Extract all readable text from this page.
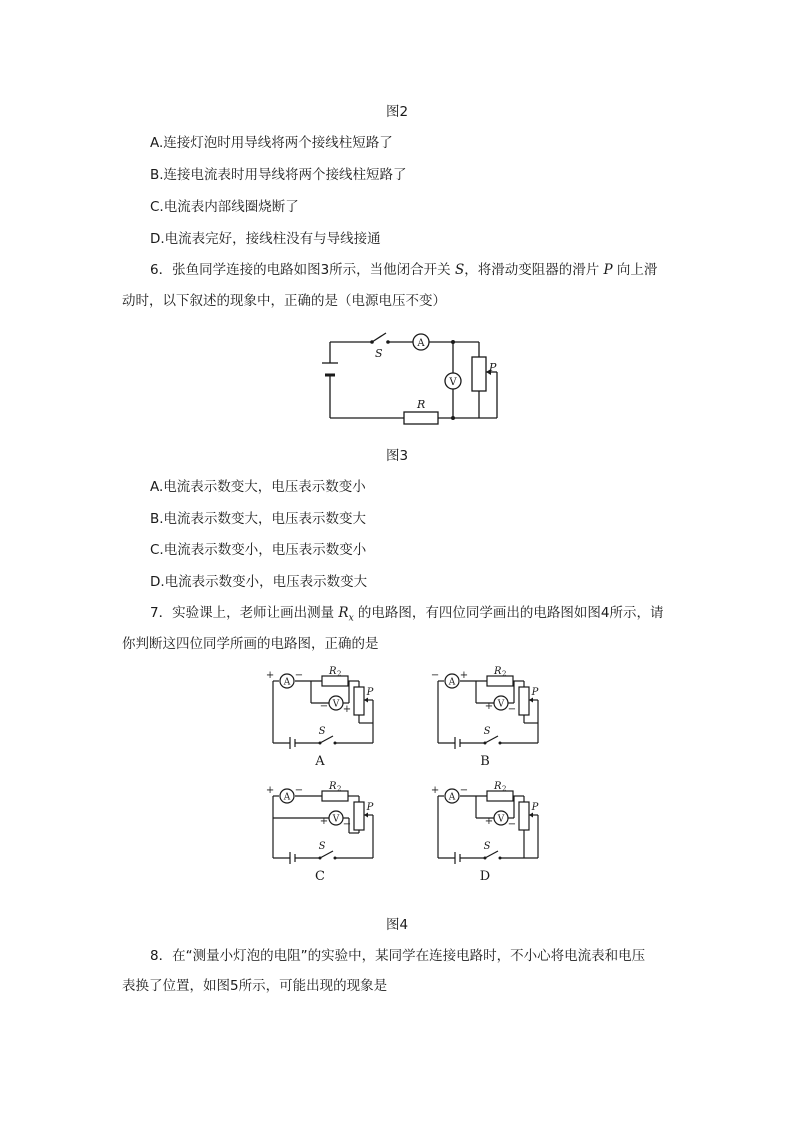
图2
A.连接灯泡时用导线将两个接线柱短路了
B.连接电流表时用导线将两个接线柱短路了
C.电流表内部线圈烧断了
D.电流表完好，接线柱没有与导线接通
6．张鱼同学连接的电路如图3所示，当他闭合开关 S，将滑动变阻器的滑片 P 向上滑
动时，以下叙述的现象中，正确的是（电源电压不变）
S
A
V
P
R
图3
A.电流表示数变大，电压表示数变小
B.电流表示数变大，电压表示数变大
C.电流表示数变小，电压表示数变小
D.电流表示数变小，电压表示数变大
7．实验课上，老师让画出测量 $R_x$ 的电路图，有四位同学画出的电路图如图4所示，请
你判断这四位同学所画的电路图，正确的是
A
V
R 2
P
S
+ −
− +
A
A
V
R 2
P
S
− +
+ −
B
A
V
R 2
P
S
+ −
+ −
C
A
V
R 2
P
S
+ −
+ −
D
图4
8．在“测量小灯泡的电阻”的实验中，某同学在连接电路时，不小心将电流表和电压
表换了位置，如图5所示，可能出现的现象是
